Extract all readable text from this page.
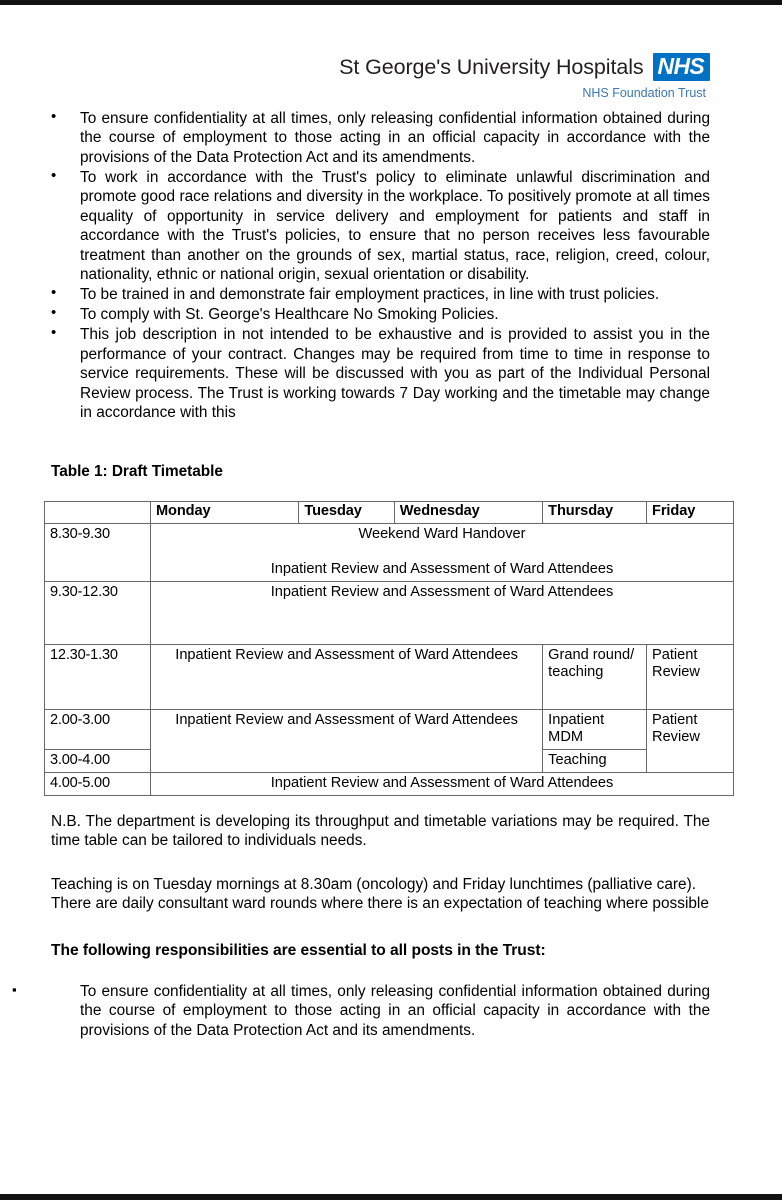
St George's University Hospitals NHS
NHS Foundation Trust
• To ensure confidentiality at all times, only releasing confidential information obtained during the course of employment to those acting in an official capacity in accordance with the provisions of the Data Protection Act and its amendments.
• To work in accordance with the Trust's policy to eliminate unlawful discrimination and promote good race relations and diversity in the workplace. To positively promote at all times equality of opportunity in service delivery and employment for patients and staff in accordance with the Trust's policies, to ensure that no person receives less favourable treatment than another on the grounds of sex, martial status, race, religion, creed, colour, nationality, ethnic or national origin, sexual orientation or disability.
• To be trained in and demonstrate fair employment practices, in line with trust policies.
• To comply with St. George's Healthcare No Smoking Policies.
• This job description in not intended to be exhaustive and is provided to assist you in the performance of your contract. Changes may be required from time to time in response to service requirements. These will be discussed with you as part of the Individual Personal Review process. The Trust is working towards 7 Day working and the timetable may change in accordance with this

Table 1: Draft Timetable

	Monday	Tuesday	Wednesday	Thursday	Friday
8.30-9.30	Weekend Ward Handover
Inpatient Review and Assessment of Ward Attendees				
9.30-12.30	Inpatient Review and Assessment of Ward Attendees				
12.30-1.30	Inpatient Review and Assessment of Ward Attendees			Grand round/ teaching	Patient Review
2.00-3.00	Inpatient Review and Assessment of Ward Attendees			Inpatient MDM	Patient Review
3.00-4.00				Teaching	
4.00-5.00	Inpatient Review and Assessment of Ward Attendees				

N.B. The department is developing its throughput and timetable variations may be required. The time table can be tailored to individuals needs.

Teaching is on Tuesday mornings at 8.30am (oncology) and Friday lunchtimes (palliative care). There are daily consultant ward rounds where there is an expectation of teaching where possible

The following responsibilities are essential to all posts in the Trust:
▪ To ensure confidentiality at all times, only releasing confidential information obtained during the course of employment to those acting in an official capacity in accordance with the provisions of the Data Protection Act and its amendments.
